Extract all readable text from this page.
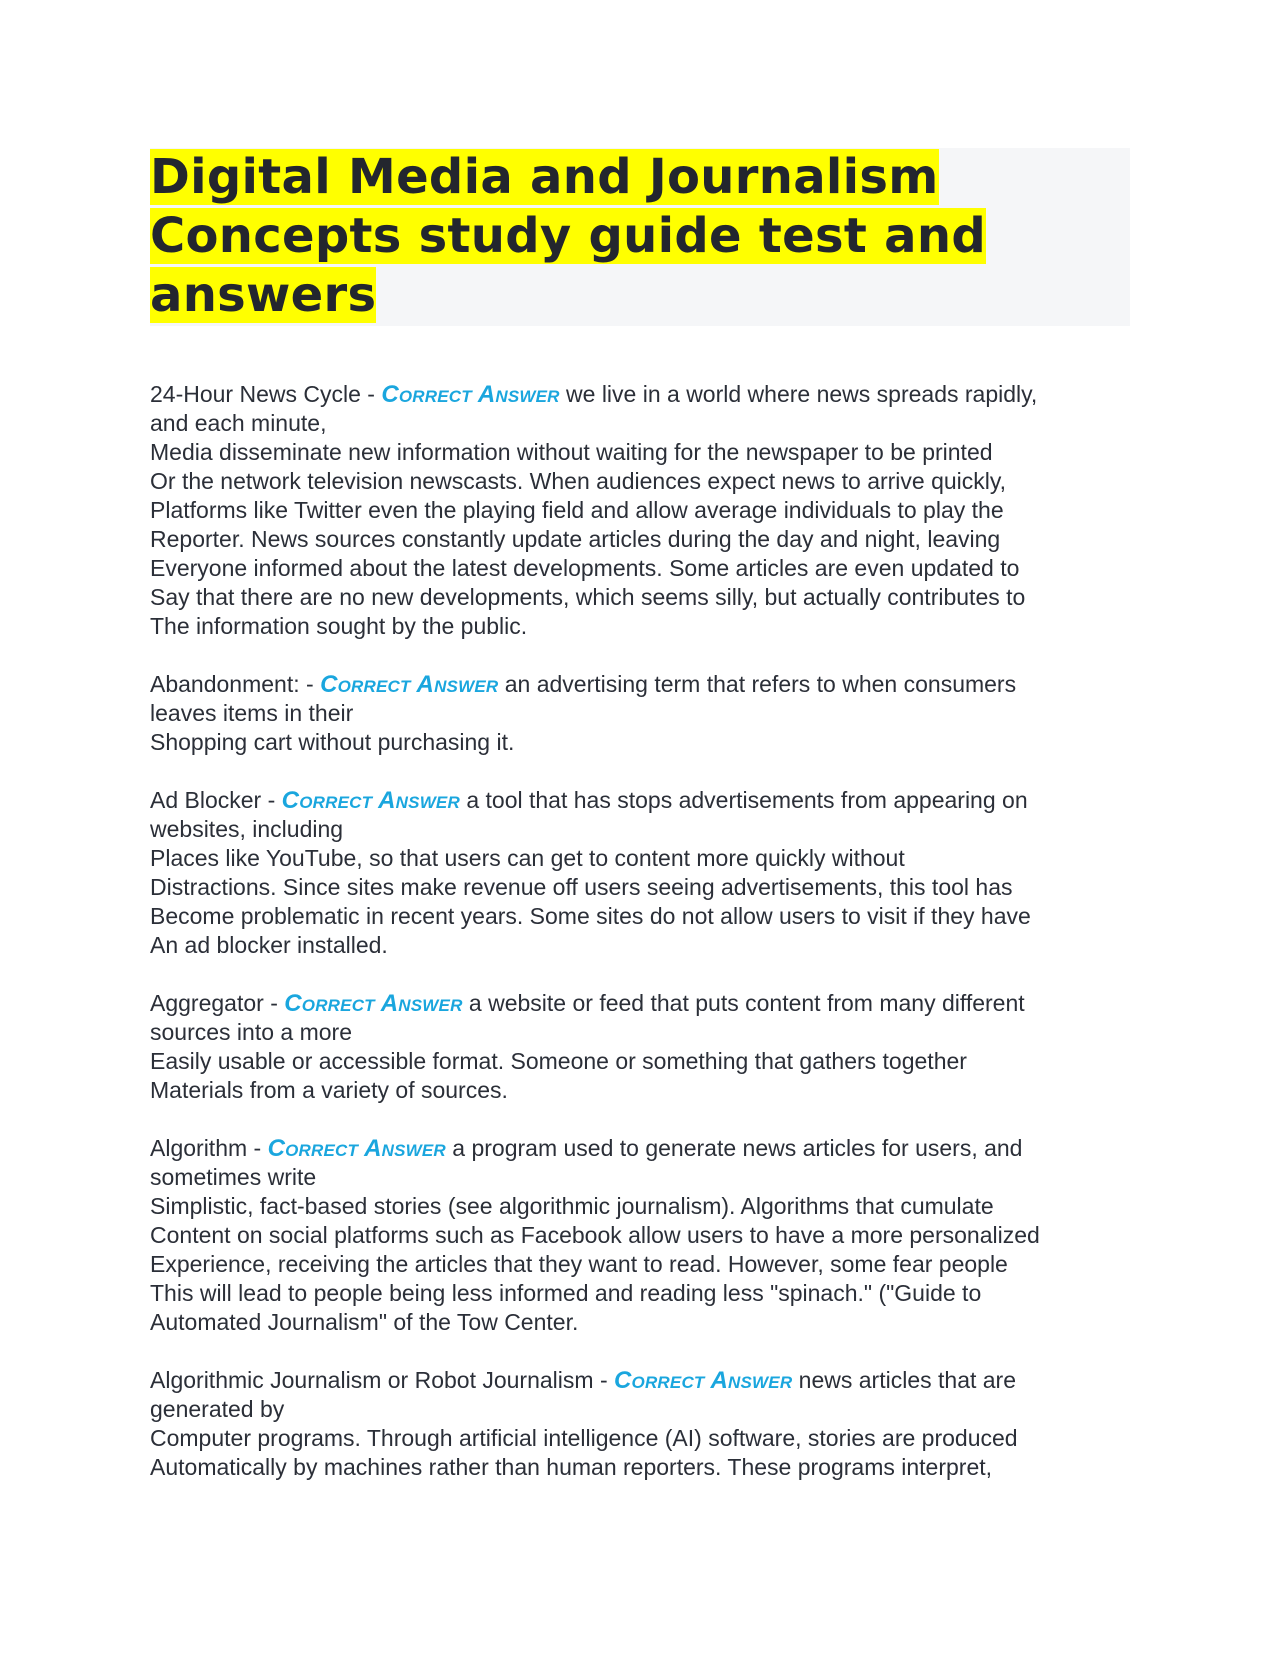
Digital Media and Journalism Concepts study guide test and answers
24-Hour News Cycle - Correct Answer we live in a world where news spreads rapidly,
and each minute,
Media disseminate new information without waiting for the newspaper to be printed
Or the network television newscasts. When audiences expect news to arrive quickly,
Platforms like Twitter even the playing field and allow average individuals to play the
Reporter. News sources constantly update articles during the day and night, leaving
Everyone informed about the latest developments. Some articles are even updated to
Say that there are no new developments, which seems silly, but actually contributes to
The information sought by the public.
Abandonment: - Correct Answer an advertising term that refers to when consumers
leaves items in their
Shopping cart without purchasing it.
Ad Blocker - Correct Answer a tool that has stops advertisements from appearing on
websites, including
Places like YouTube, so that users can get to content more quickly without
Distractions. Since sites make revenue off users seeing advertisements, this tool has
Become problematic in recent years. Some sites do not allow users to visit if they have
An ad blocker installed.
Aggregator - Correct Answer a website or feed that puts content from many different
sources into a more
Easily usable or accessible format. Someone or something that gathers together
Materials from a variety of sources.
Algorithm - Correct Answer a program used to generate news articles for users, and
sometimes write
Simplistic, fact-based stories (see algorithmic journalism). Algorithms that cumulate
Content on social platforms such as Facebook allow users to have a more personalized
Experience, receiving the articles that they want to read. However, some fear people
This will lead to people being less informed and reading less "spinach." ("Guide to
Automated Journalism" of the Tow Center.
Algorithmic Journalism or Robot Journalism - Correct Answer news articles that are
generated by
Computer programs. Through artificial intelligence (AI) software, stories are produced
Automatically by machines rather than human reporters. These programs interpret,
